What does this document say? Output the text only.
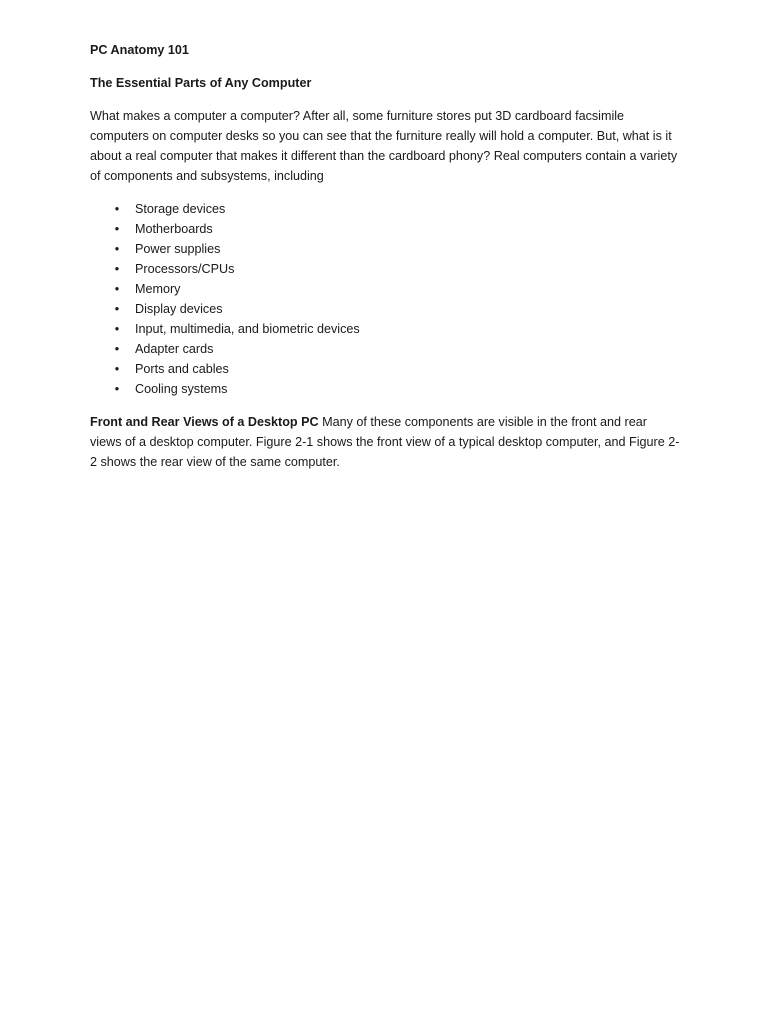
PC Anatomy 101

The Essential Parts of Any Computer

What makes a computer a computer? After all, some furniture stores put 3D cardboard facsimile computers on computer desks so you can see that the furniture really will hold a computer. But, what is it about a real computer that makes it different than the cardboard phony? Real computers contain a variety of components and subsystems, including

• Storage devices
• Motherboards
• Power supplies
• Processors/CPUs
• Memory
• Display devices
• Input, multimedia, and biometric devices
• Adapter cards
• Ports and cables
• Cooling systems

Front and Rear Views of a Desktop PC Many of these components are visible in the front and rear views of a desktop computer. Figure 2-1 shows the front view of a typical desktop computer, and Figure 2-2 shows the rear view of the same computer.
